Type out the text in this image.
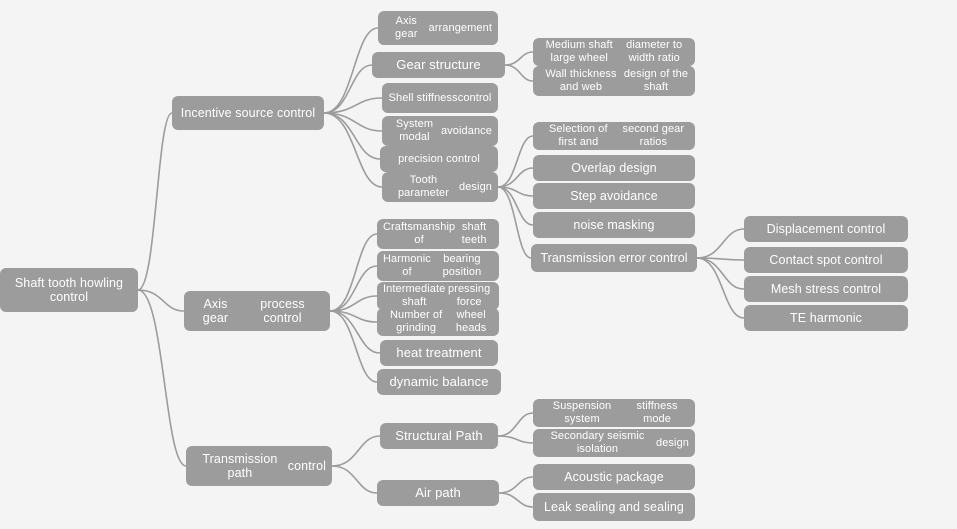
Shaft tooth howling control
Incentive source control
Axis gear

process control
Transmission path

control
Axis gear

arrangement
Gear structure
Shell stiffness control
System modal

avoidance
precision control
Tooth parameter

design
Craftsmanship of

shaft teeth
Harmonic of

bearing position
Intermediate shaft

pressing force
Number of grinding

wheel heads
heat treatment
dynamic balance
Structural Path
Air path
Medium shaft large wheel

diameter to width ratio
Wall thickness and web

design of the shaft
Selection of first and

second gear ratios
Overlap design
Step avoidance
noise masking
Transmission error control
Suspension system

stiffness mode
Secondary seismic isolation

design
Acoustic package
Leak sealing and sealing
Displacement control
Contact spot control
Mesh stress control
TE harmonic
